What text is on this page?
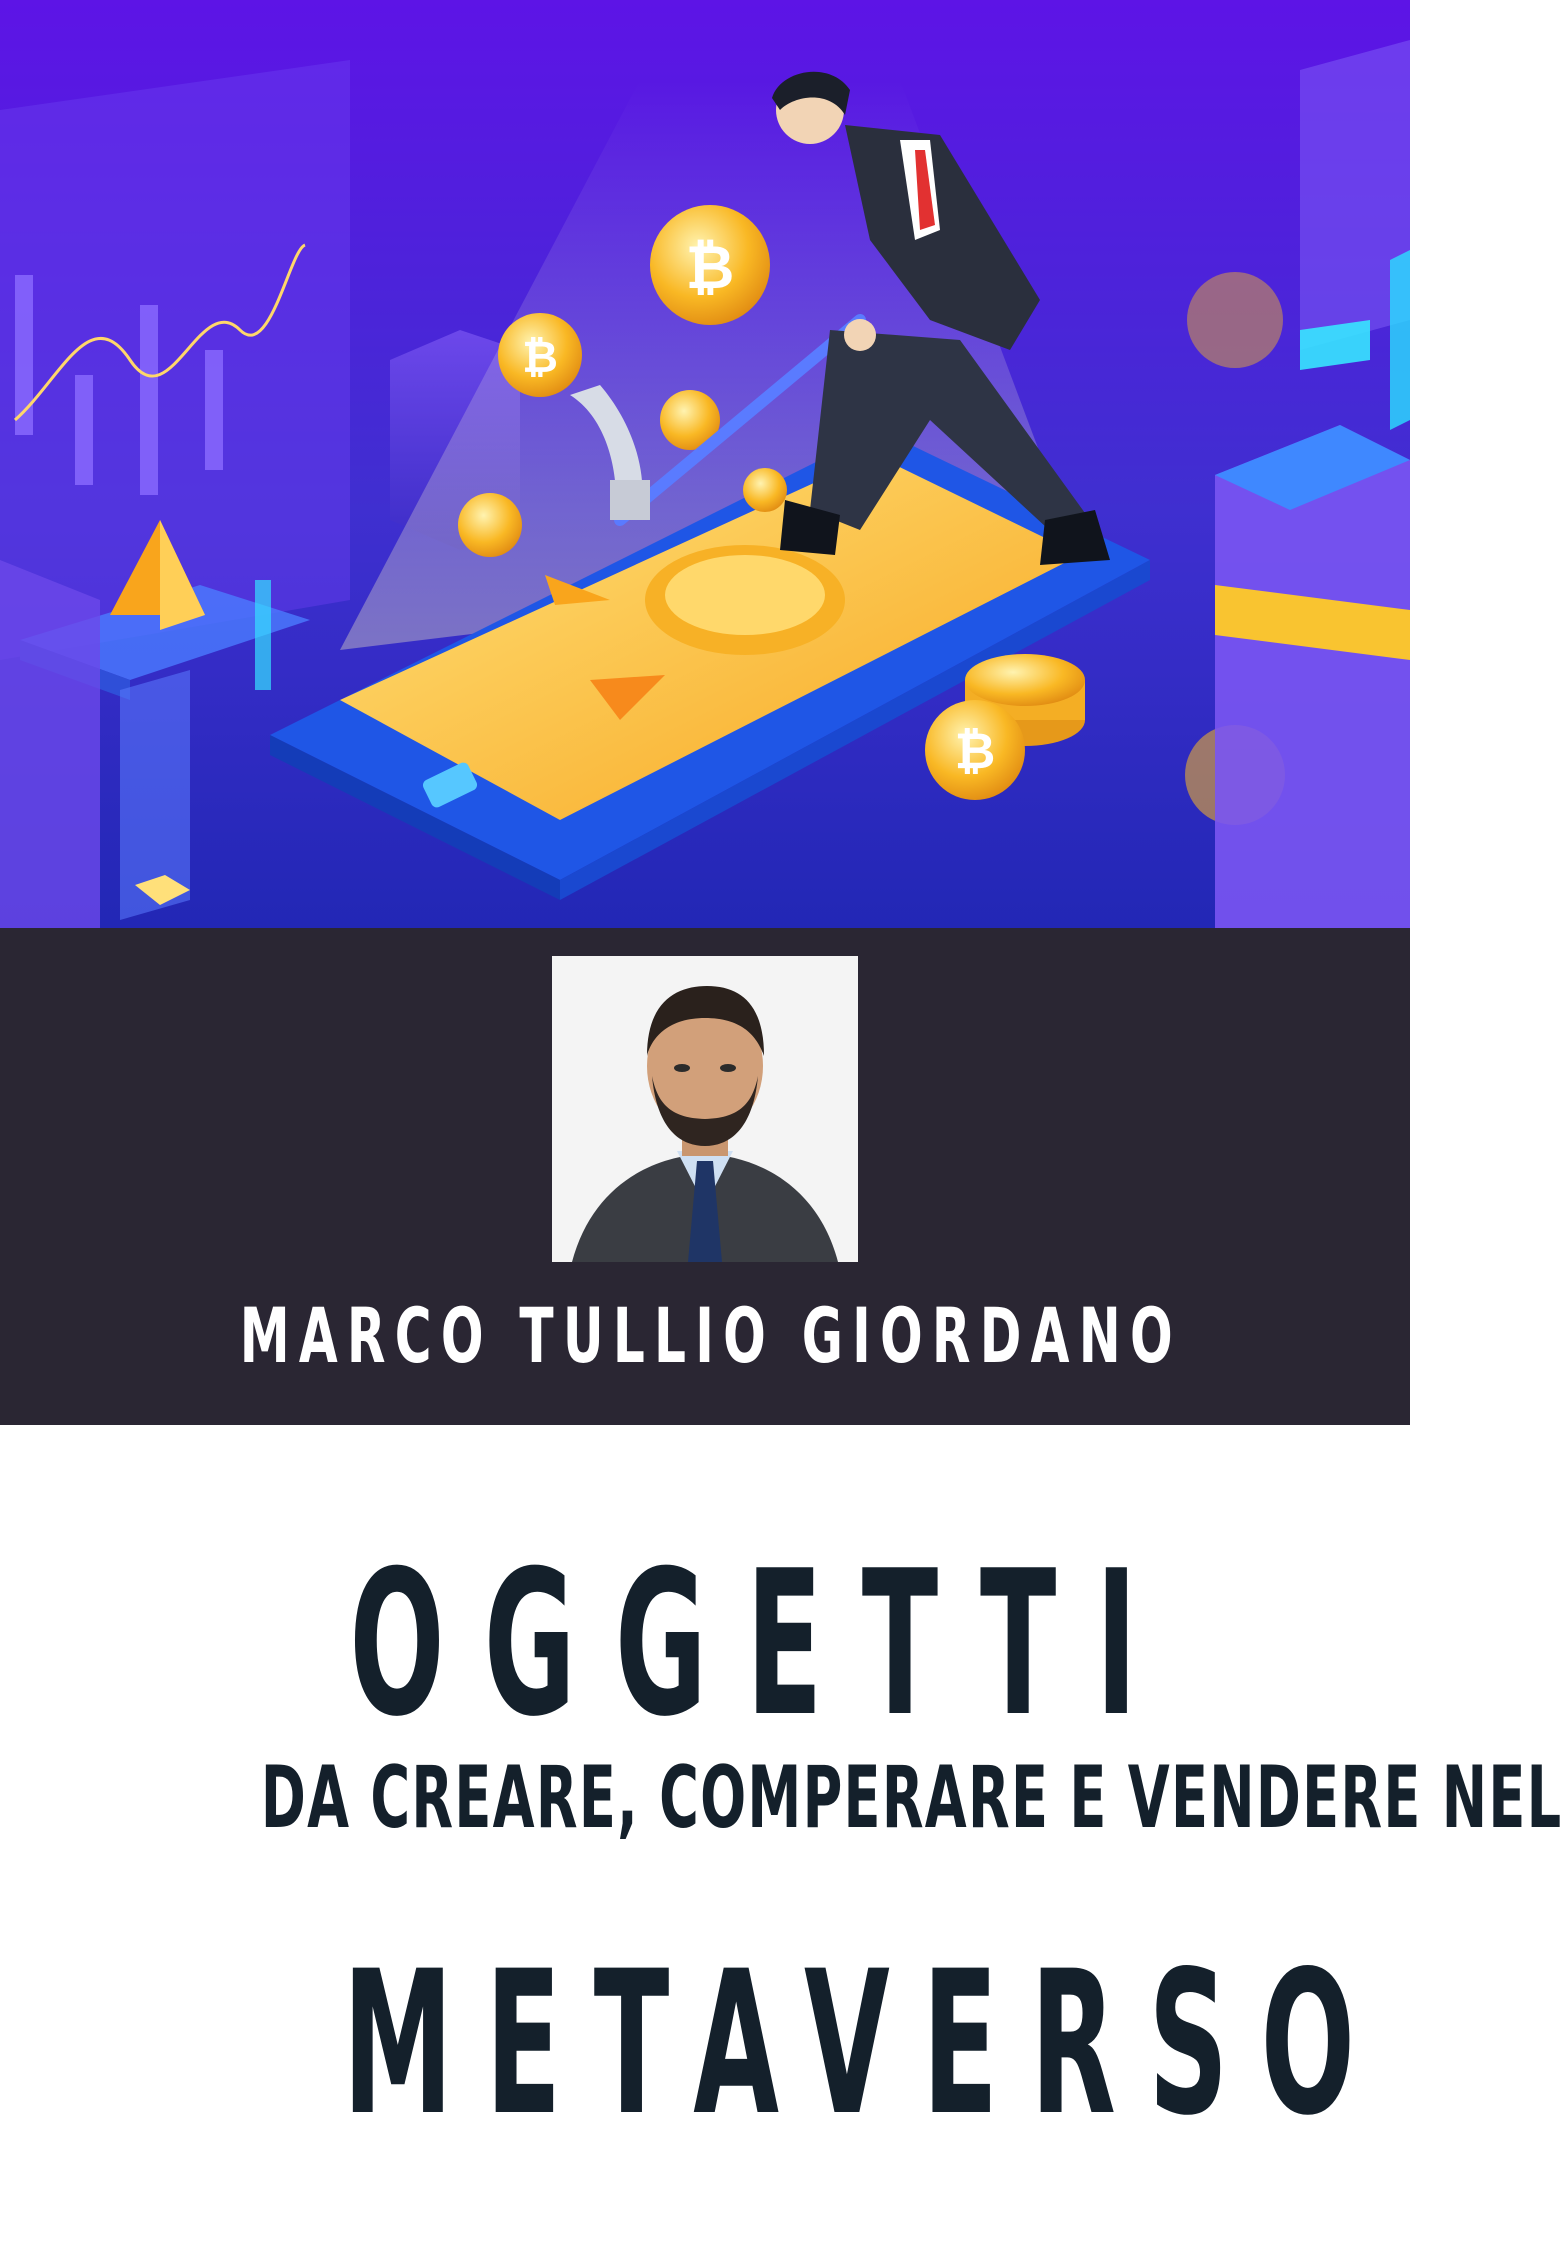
₿
₿
₿
MARCO TULLIO GIORDANO
OGGETTI
DA CREARE, COMPERARE E VENDERE NEL
METAVERSO
